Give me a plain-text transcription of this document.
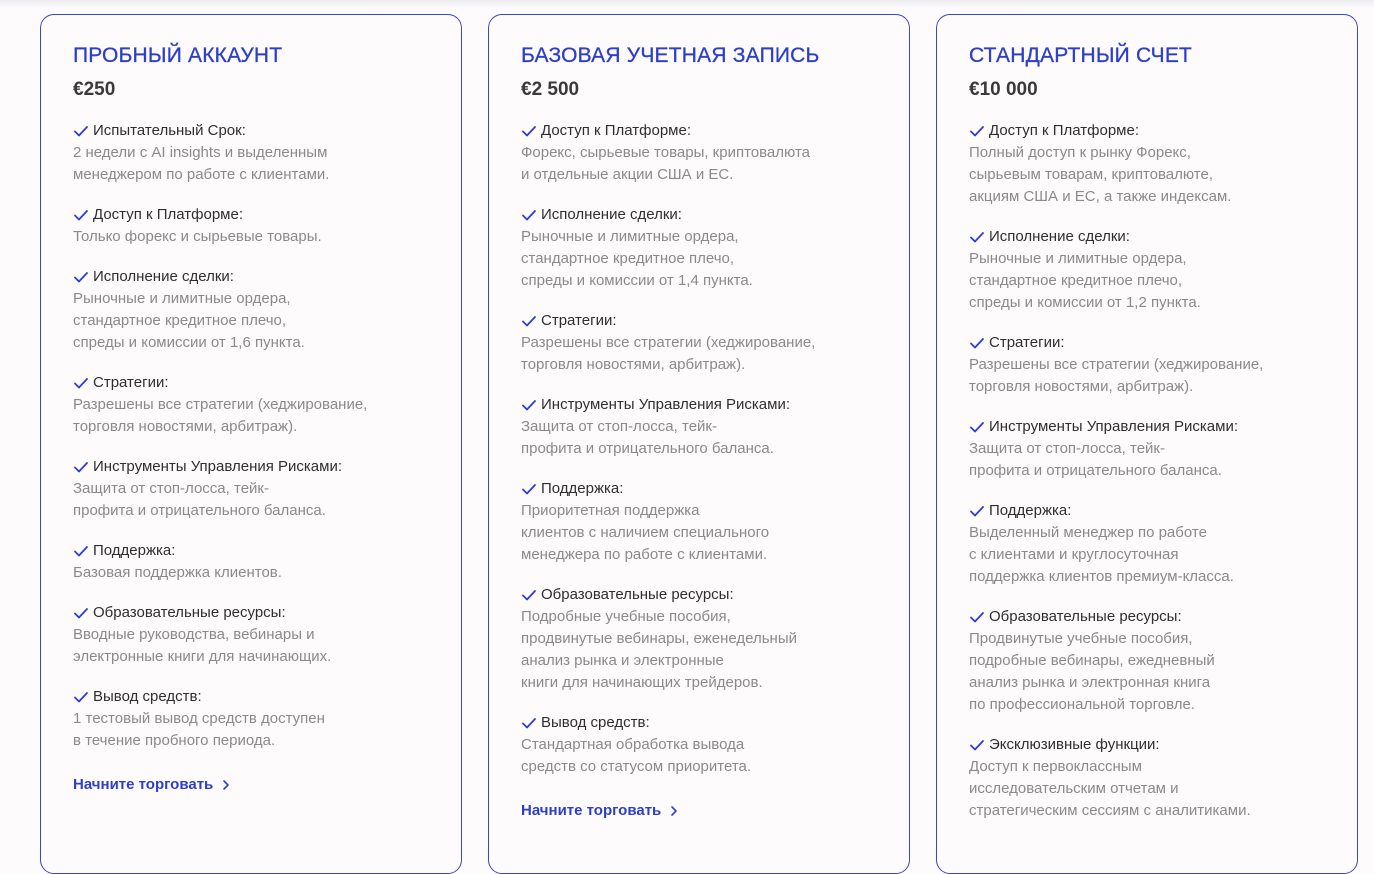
ПРОБНЫЙ АККАУНТ
€250
Испытательный Срок:
2 недели с AI insights и выделенным
менеджером по работе с клиентами.
Доступ к Платформе:
Только форекс и сырьевые товары.
Исполнение сделки:
Рыночные и лимитные ордера,
стандартное кредитное плечо,
спреды и комиссии от 1,6 пункта.
Стратегии:
Разрешены все стратегии (хеджирование,
торговля новостями, арбитраж).
Инструменты Управления Рисками:
Защита от стоп-лосса, тейк-
профита и отрицательного баланса.
Поддержка:
Базовая поддержка клиентов.
Образовательные ресурсы:
Вводные руководства, вебинары и
электронные книги для начинающих.
Вывод средств:
1 тестовый вывод средств доступен
в течение пробного периода.
Начните торговать
БАЗОВАЯ УЧЕТНАЯ ЗАПИСЬ
€2 500
Доступ к Платформе:
Форекс, сырьевые товары, криптовалюта
и отдельные акции США и ЕС.
Исполнение сделки:
Рыночные и лимитные ордера,
стандартное кредитное плечо,
спреды и комиссии от 1,4 пункта.
Стратегии:
Разрешены все стратегии (хеджирование,
торговля новостями, арбитраж).
Инструменты Управления Рисками:
Защита от стоп-лосса, тейк-
профита и отрицательного баланса.
Поддержка:
Приоритетная поддержка
клиентов с наличием специального
менеджера по работе с клиентами.
Образовательные ресурсы:
Подробные учебные пособия,
продвинутые вебинары, еженедельный
анализ рынка и электронные
книги для начинающих трейдеров.
Вывод средств:
Стандартная обработка вывода
средств со статусом приоритета.
Начните торговать
СТАНДАРТНЫЙ СЧЕТ
€10 000
Доступ к Платформе:
Полный доступ к рынку Форекс,
сырьевым товарам, криптовалюте,
акциям США и ЕС, а также индексам.
Исполнение сделки:
Рыночные и лимитные ордера,
стандартное кредитное плечо,
спреды и комиссии от 1,2 пункта.
Стратегии:
Разрешены все стратегии (хеджирование,
торговля новостями, арбитраж).
Инструменты Управления Рисками:
Защита от стоп-лосса, тейк-
профита и отрицательного баланса.
Поддержка:
Выделенный менеджер по работе
с клиентами и круглосуточная
поддержка клиентов премиум-класса.
Образовательные ресурсы:
Продвинутые учебные пособия,
подробные вебинары, ежедневный
анализ рынка и электронная книга
по профессиональной торговле.
Эксклюзивные функции:
Доступ к первоклассным
исследовательским отчетам и
стратегическим сессиям с аналитиками.
